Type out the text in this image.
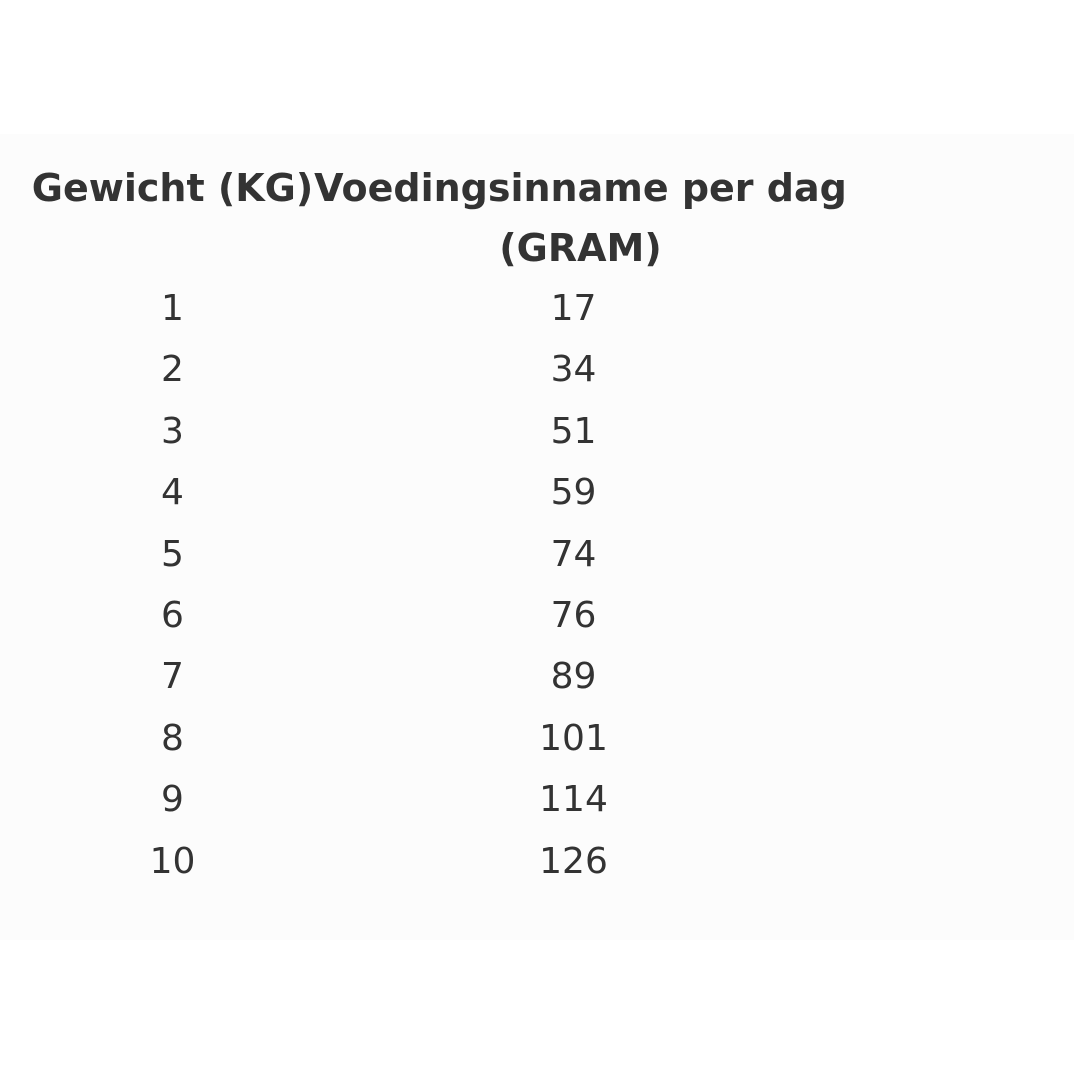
Gewicht (KG)	Voedingsinname per dag (GRAM)
1	17
2	34
3	51
4	59
5	74
6	76
7	89
8	101
9	114
10	126
